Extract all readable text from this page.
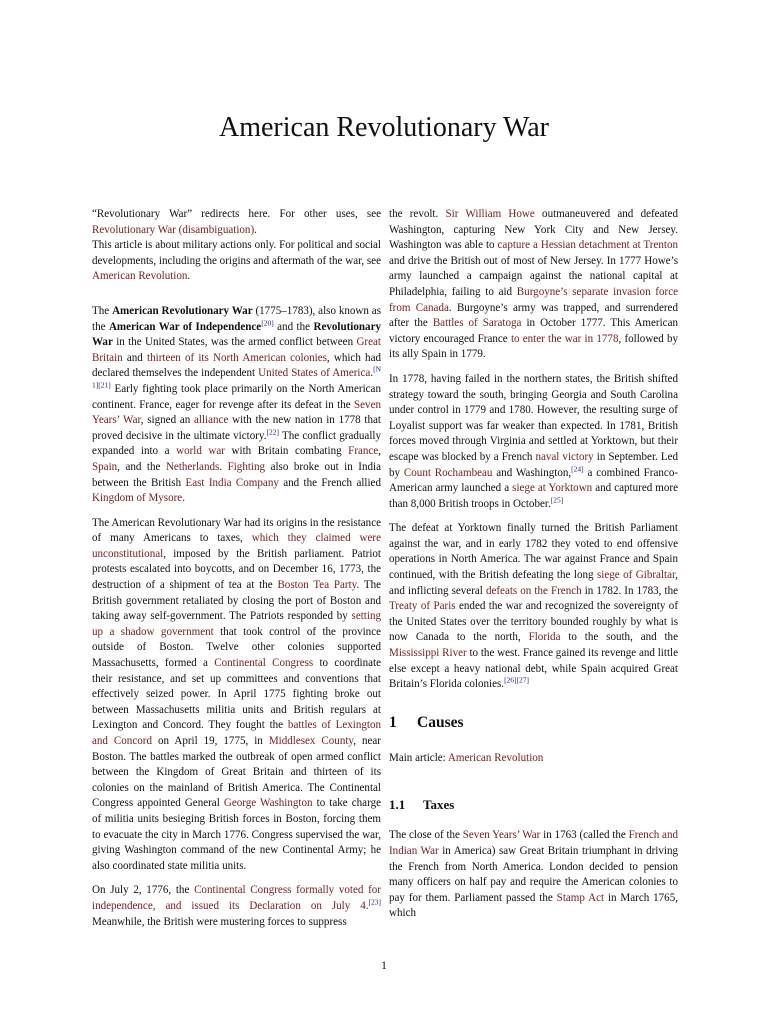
American Revolutionary War
“Revolutionary War” redirects here. For other uses, see Revolutionary War (disambiguation).
This article is about military actions only. For political and social developments, including the origins and aftermath of the war, see American Revolution.

The American Revolutionary War (1775–1783), also known as the American War of Independence[20] and the Revolutionary War in the United States, was the armed conflict between Great Britain and thirteen of its North American colonies, which had declared themselves the independent United States of America.[N 1][21] Early fighting took place primarily on the North American continent. France, eager for revenge after its defeat in the Seven Years’ War, signed an alliance with the new nation in 1778 that proved decisive in the ultimate victory.[22] The conflict gradually expanded into a world war with Britain combating France, Spain, and the Netherlands. Fighting also broke out in India between the British East India Company and the French allied Kingdom of Mysore.

The American Revolutionary War had its origins in the resistance of many Americans to taxes, which they claimed were unconstitutional, imposed by the British parliament. Patriot protests escalated into boycotts, and on December 16, 1773, the destruction of a shipment of tea at the Boston Tea Party. The British government retaliated by closing the port of Boston and taking away self-government. The Patriots responded by setting up a shadow government that took control of the province outside of Boston. Twelve other colonies supported Massachusetts, formed a Continental Congress to coordinate their resistance, and set up committees and conventions that effectively seized power. In April 1775 fighting broke out between Massachusetts militia units and British regulars at Lexington and Concord. They fought the battles of Lexington and Concord on April 19, 1775, in Middlesex County, near Boston. The battles marked the outbreak of open armed conflict between the Kingdom of Great Britain and thirteen of its colonies on the mainland of British America. The Continental Congress appointed General George Washington to take charge of militia units besieging British forces in Boston, forcing them to evacuate the city in March 1776. Congress supervised the war, giving Washington command of the new Continental Army; he also coordinated state militia units.

On July 2, 1776, the Continental Congress formally voted for independence, and issued its Declaration on July 4.[23] Meanwhile, the British were mustering forces to suppress

the revolt. Sir William Howe outmaneuvered and defeated Washington, capturing New York City and New Jersey. Washington was able to capture a Hessian detachment at Trenton and drive the British out of most of New Jersey. In 1777 Howe’s army launched a campaign against the national capital at Philadelphia, failing to aid Burgoyne’s separate invasion force from Canada. Burgoyne’s army was trapped, and surrendered after the Battles of Saratoga in October 1777. This American victory encouraged France to enter the war in 1778, followed by its ally Spain in 1779.

In 1778, having failed in the northern states, the British shifted strategy toward the south, bringing Georgia and South Carolina under control in 1779 and 1780. However, the resulting surge of Loyalist support was far weaker than expected. In 1781, British forces moved through Virginia and settled at Yorktown, but their escape was blocked by a French naval victory in September. Led by Count Rochambeau and Washington,[24] a combined Franco-American army launched a siege at Yorktown and captured more than 8,000 British troops in October.[25]

The defeat at Yorktown finally turned the British Parliament against the war, and in early 1782 they voted to end offensive operations in North America. The war against France and Spain continued, with the British defeating the long siege of Gibraltar, and inflicting several defeats on the French in 1782. In 1783, the Treaty of Paris ended the war and recognized the sovereignty of the United States over the territory bounded roughly by what is now Canada to the north, Florida to the south, and the Mississippi River to the west. France gained its revenge and little else except a heavy national debt, while Spain acquired Great Britain’s Florida colonies.[26][27]

1 Causes
Main article: American Revolution
1.1 Taxes

The close of the Seven Years’ War in 1763 (called the French and Indian War in America) saw Great Britain triumphant in driving the French from North America. London decided to pension many officers on half pay and require the American colonies to pay for them. Parliament passed the Stamp Act in March 1765, which

1
